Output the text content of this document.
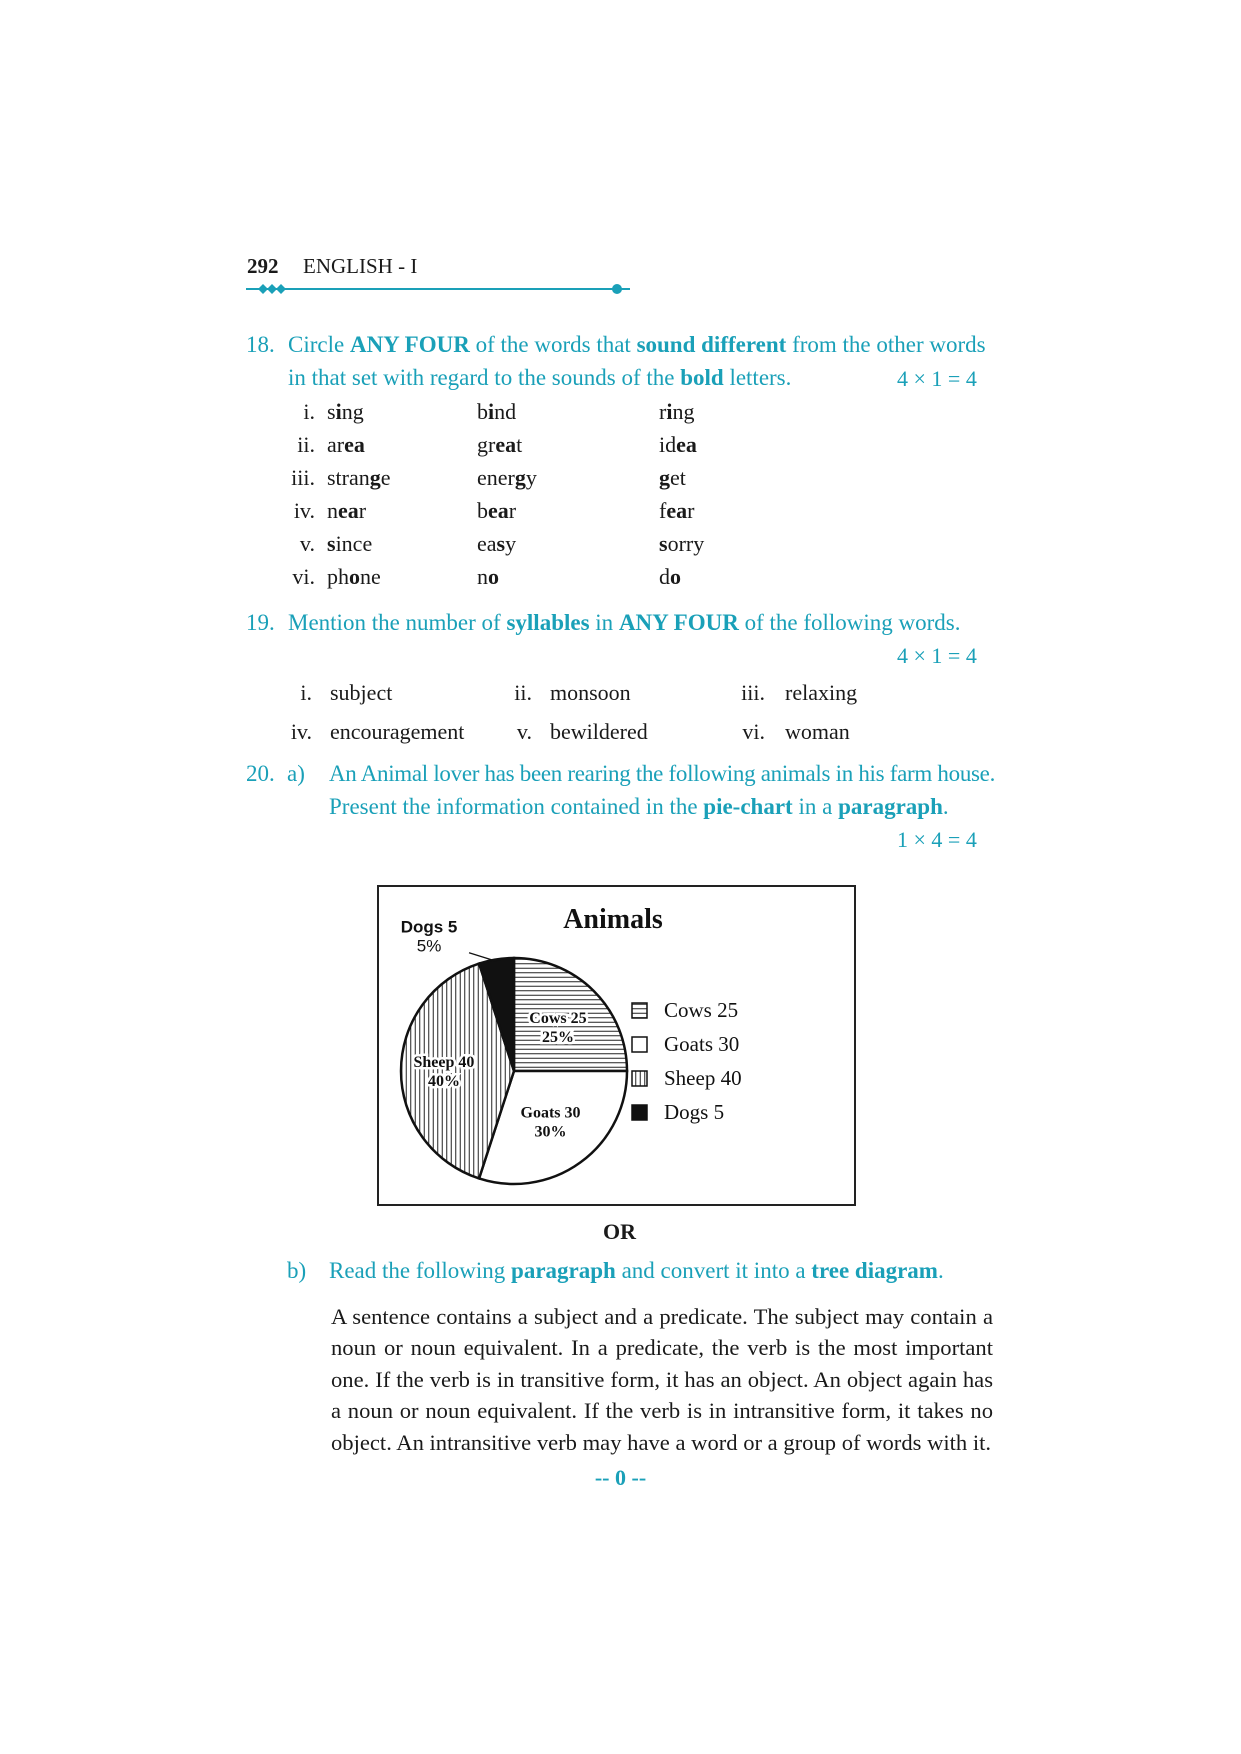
292 ENGLISH - I
18. Circle ANY FOUR of the words that sound different from the other words
in that set with regard to the sounds of the bold letters.	4 × 1 = 4
i. sing	bind	ring
ii. area	great	idea
iii. strange	energy	get
iv. near	bear	fear
v. since	easy	sorry
vi. phone	no	do
19. Mention the number of syllables in ANY FOUR of the following words.
4 × 1 = 4
i. subject	ii. monsoon	iii. relaxing
iv. encouragement	v. bewildered	vi. woman
20. a) An Animal lover has been rearing the following animals in his farm house.
Present the information contained in the pie-chart in a paragraph.
1 × 4 = 4
Animals
Cows 25
25%
Goats 30
30%
Sheep 40
40%
Dogs 5
5%
Cows 25
Goats 30
Sheep 40
Dogs 5
OR
b) Read the following paragraph and convert it into a tree diagram.

A sentence contains a subject and a predicate. The subject may contain a noun or noun equivalent. In a predicate, the verb is the most important one. If the verb is in transitive form, it has an object. An object again has a noun or noun equivalent. If the verb is in intransitive form, it takes no object. An intransitive verb may have a word or a group of words with it.

-- 0 --
